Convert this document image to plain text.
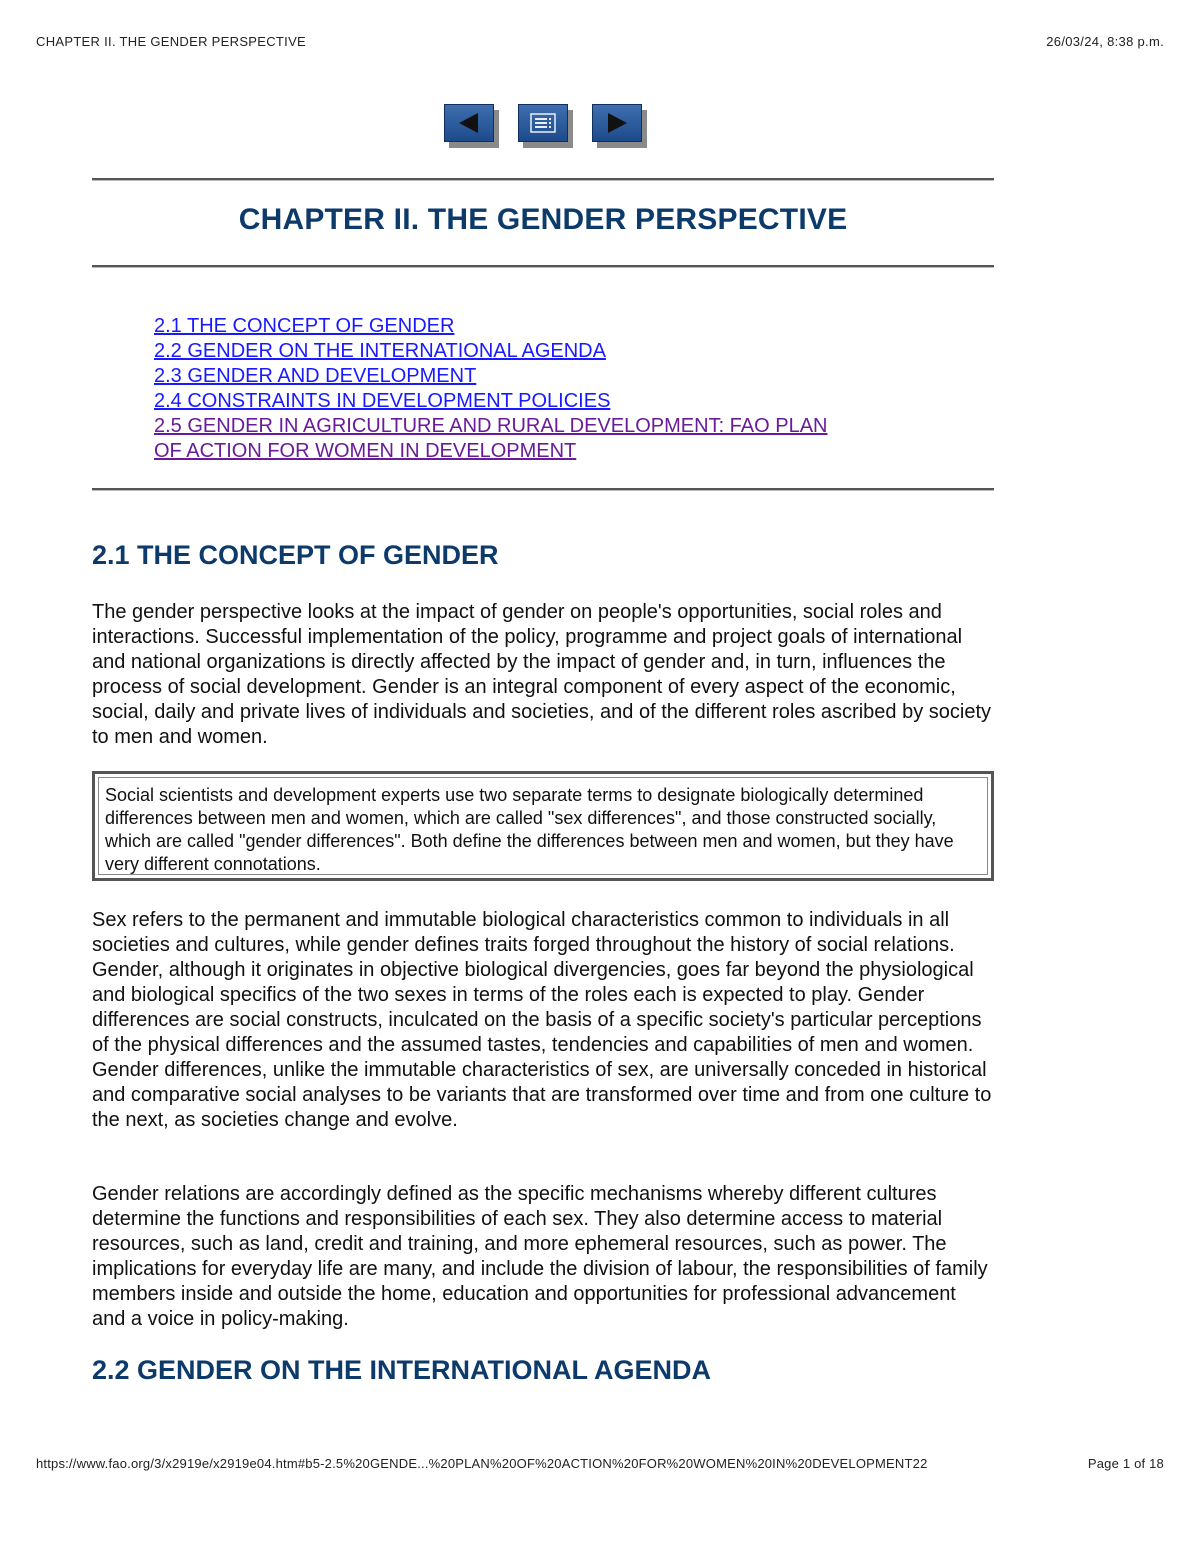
CHAPTER II. THE GENDER PERSPECTIVE	26/03/24, 8:38 p.m.
CHAPTER II. THE GENDER PERSPECTIVE
2.1 THE CONCEPT OF GENDER
2.2 GENDER ON THE INTERNATIONAL AGENDA
2.3 GENDER AND DEVELOPMENT
2.4 CONSTRAINTS IN DEVELOPMENT POLICIES
2.5 GENDER IN AGRICULTURE AND RURAL DEVELOPMENT: FAO PLAN
OF ACTION FOR WOMEN IN DEVELOPMENT
2.1 THE CONCEPT OF GENDER

The gender perspective looks at the impact of gender on people's opportunities, social roles and interactions. Successful implementation of the policy, programme and project goals of international and national organizations is directly affected by the impact of gender and, in turn, influences the process of social development. Gender is an integral component of every aspect of the economic, social, daily and private lives of individuals and societies, and of the different roles ascribed by society to men and women.

Social scientists and development experts use two separate terms to designate biologically determined differences between men and women, which are called "sex differences", and those constructed socially, which are called "gender differences". Both define the differences between men and women, but they have very different connotations.

Sex refers to the permanent and immutable biological characteristics common to individuals in all societies and cultures, while gender defines traits forged throughout the history of social relations. Gender, although it originates in objective biological divergencies, goes far beyond the physiological and biological specifics of the two sexes in terms of the roles each is expected to play. Gender differences are social constructs, inculcated on the basis of a specific society's particular perceptions of the physical differences and the assumed tastes, tendencies and capabilities of men and women. Gender differences, unlike the immutable characteristics of sex, are universally conceded in historical and comparative social analyses to be variants that are transformed over time and from one culture to the next, as societies change and evolve.

Gender relations are accordingly defined as the specific mechanisms whereby different cultures determine the functions and responsibilities of each sex. They also determine access to material resources, such as land, credit and training, and more ephemeral resources, such as power. The implications for everyday life are many, and include the division of labour, the responsibilities of family members inside and outside the home, education and opportunities for professional advancement and a voice in policy-making.

2.2 GENDER ON THE INTERNATIONAL AGENDA
https://www.fao.org/3/x2919e/x2919e04.htm#b5-2.5%20GENDE...%20PLAN%20OF%20ACTION%20FOR%20WOMEN%20IN%20DEVELOPMENT22	Page 1 of 18
